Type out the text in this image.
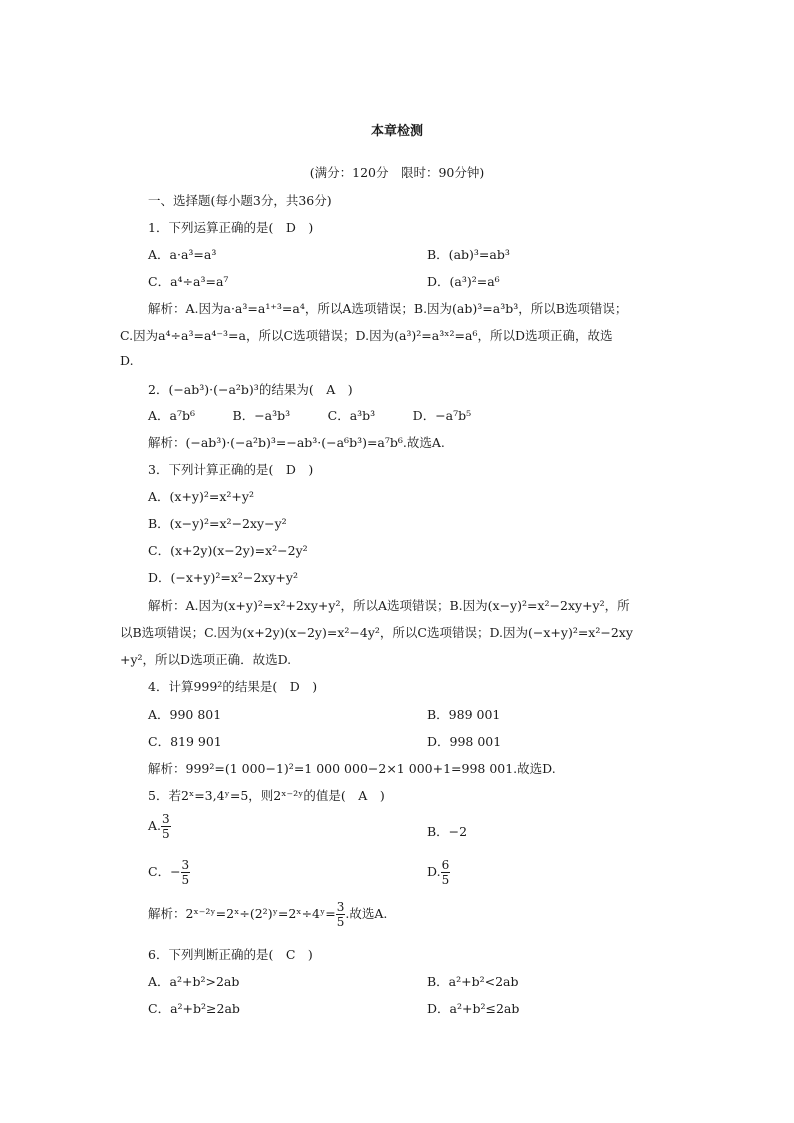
本章检测
(满分：120分　限时：90分钟)
一、选择题(每小题3分，共36分)
1．下列运算正确的是(　D　)
A．a·a³=a³	B．(ab)³=ab³
C．a⁴÷a³=a⁷	D．(a³)²=a⁶
解析：A.因为a·a³=a¹⁺³=a⁴，所以A选项错误；B.因为(ab)³=a³b³，所以B选项错误；
C.因为a⁴÷a³=a⁴⁻³=a，所以C选项错误；D.因为(a³)²=a³ˣ²=a⁶，所以D选项正确，故选
D.
2．(−ab³)·(−a²b)³的结果为(　A　)
A．a⁷b⁶　　　B．−a³b³　　　C．a³b³　　　D．−a⁷b⁵
解析：(−ab³)·(−a²b)³=−ab³·(−a⁶b³)=a⁷b⁶.故选A.
3．下列计算正确的是(　D　)
A．(x+y)²=x²+y²
B．(x−y)²=x²−2xy−y²
C．(x+2y)(x−2y)=x²−2y²
D．(−x+y)²=x²−2xy+y²
解析：A.因为(x+y)²=x²+2xy+y²，所以A选项错误；B.因为(x−y)²=x²−2xy+y²，所
以B选项错误；C.因为(x+2y)(x−2y)=x²−4y²，所以C选项错误；D.因为(−x+y)²=x²−2xy
+y²，所以D选项正确．故选D.
4．计算999²的结果是(　D　)
A．990 801	B．989 001
C．819 901	D．998 001
解析：999²=(1 000−1)²=1 000 000−2×1 000+1=998 001.故选D.
5．若2ˣ=3,4ʸ=5，则2ˣ⁻²ʸ的值是(　A　)
A. $\frac{3}{5}$	B．−2
C．− $\frac{3}{5}$	D. $\frac{6}{5}$
解析：2ˣ⁻²ʸ=2ˣ÷(2²)ʸ=2ˣ÷4ʸ= $\frac{3}{5}$ .故选A.
6．下列判断正确的是(　C　)
A．a²+b²>2ab	B．a²+b²<2ab
C．a²+b²≥2ab	D．a²+b²≤2ab
